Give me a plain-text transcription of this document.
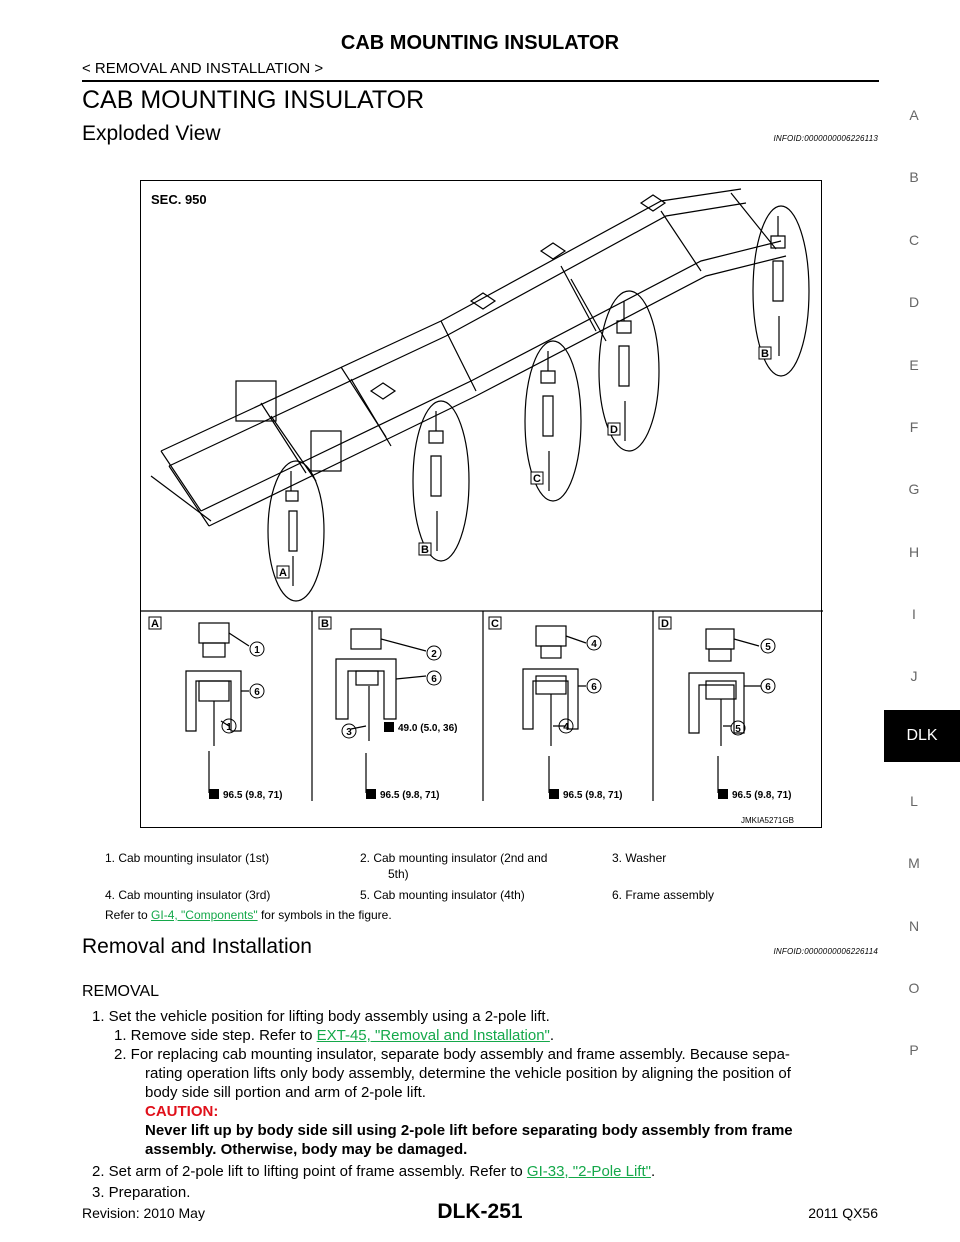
CAB MOUNTING INSULATOR
< REMOVAL AND INSTALLATION >
CAB MOUNTING INSULATOR
Exploded View	INFOID:0000000006226113
SEC. 950
A
B
C
D
B
A	B	C	D
1
6
1
2
6
3
4
6
4
5
6
5
96.5 (9.8, 71)	96.5 (9.8, 71)	96.5 (9.8, 71)	96.5 (9.8, 71)
49.0 (5.0, 36)
JMKIA5271GB
1. Cab mounting insulator (1st)	2. Cab mounting insulator (2nd and	3. Washer
5th)
4. Cab mounting insulator (3rd)	5. Cab mounting insulator (4th)	6. Frame assembly
Refer to GI-4, "Components" for symbols in the figure.
Removal and Installation	INFOID:0000000006226114
REMOVAL
1. Set the vehicle position for lifting body assembly using a 2-pole lift.
1. Remove side step. Refer to EXT-45, "Removal and Installation".
2. For replacing cab mounting insulator, separate body assembly and frame assembly. Because sepa-
rating operation lifts only body assembly, determine the vehicle position by aligning the position of
body side sill portion and arm of 2-pole lift.
CAUTION:
Never lift up by body side sill using 2-pole lift before separating body assembly from frame
assembly. Otherwise, body may be damaged.
2. Set arm of 2-pole lift to lifting point of frame assembly. Refer to GI-33, "2-Pole Lift".
3. Preparation.
A
B
C
D
E
F
G
H
I
J
DLK
L
M
N
O
P
DLK-251
Revision: 2010 May	2011 QX56
